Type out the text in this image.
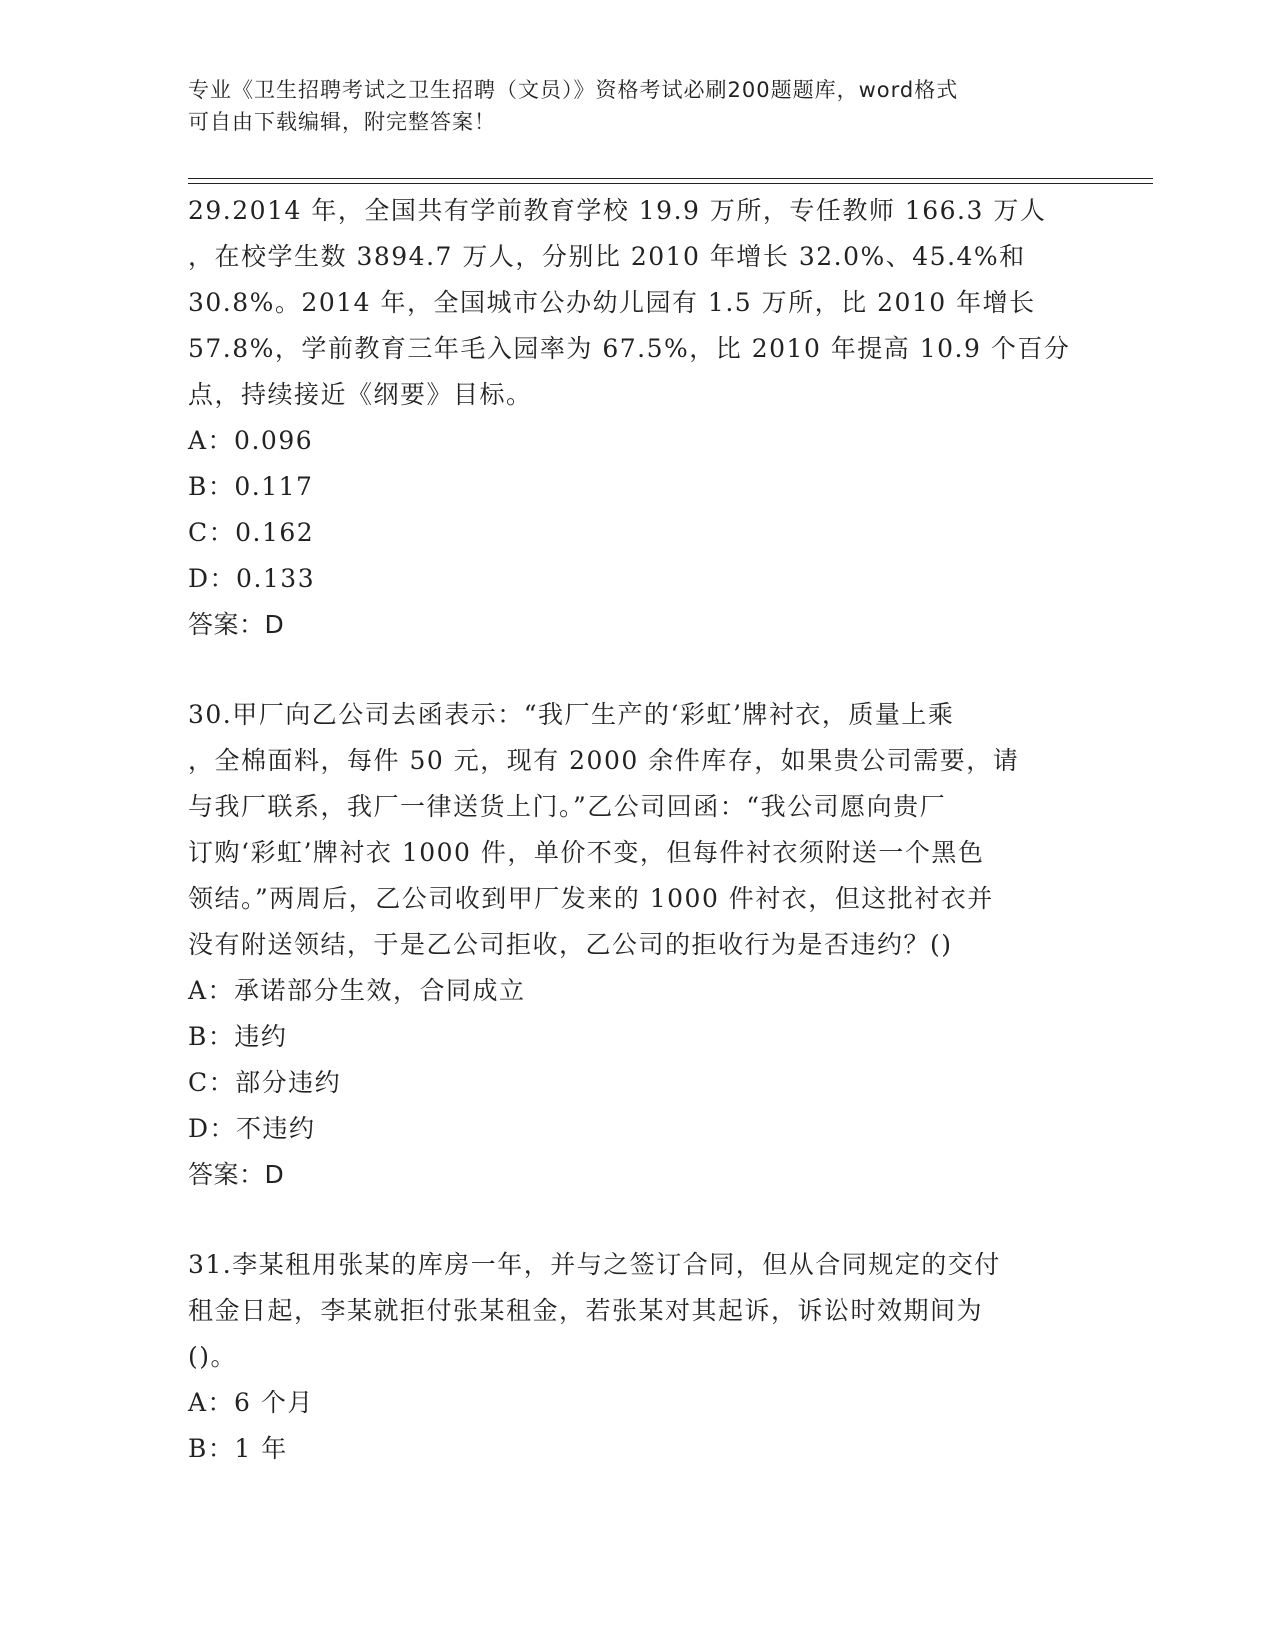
专业《卫生招聘考试之卫生招聘（文员）》资格考试必刷200题题库，word格式
可自由下载编辑，附完整答案！
29.2014 年，全国共有学前教育学校 19.9 万所，专任教师 166.3 万人
，在校学生数 3894.7 万人，分别比 2010 年增长 32.0%、45.4%和
30.8%。2014 年，全国城市公办幼儿园有 1.5 万所，比 2010 年增长
57.8%，学前教育三年毛入园率为 67.5%，比 2010 年提高 10.9 个百分
点，持续接近《纲要》目标。
A：0.096
B：0.117
C：0.162
D：0.133
答案：D
30.甲厂向乙公司去函表示：“我厂生产的‘彩虹’牌衬衣，质量上乘
，全棉面料，每件 50 元，现有 2000 余件库存，如果贵公司需要，请
与我厂联系，我厂一律送货上门。”乙公司回函：“我公司愿向贵厂
订购‘彩虹’牌衬衣 1000 件，单价不变，但每件衬衣须附送一个黑色
领结。”两周后，乙公司收到甲厂发来的 1000 件衬衣，但这批衬衣并
没有附送领结，于是乙公司拒收，乙公司的拒收行为是否违约？()
A：承诺部分生效，合同成立
B：违约
C：部分违约
D：不违约
答案：D
31.李某租用张某的库房一年，并与之签订合同，但从合同规定的交付
租金日起，李某就拒付张某租金，若张某对其起诉，诉讼时效期间为
()。
A：6 个月
B：1 年
